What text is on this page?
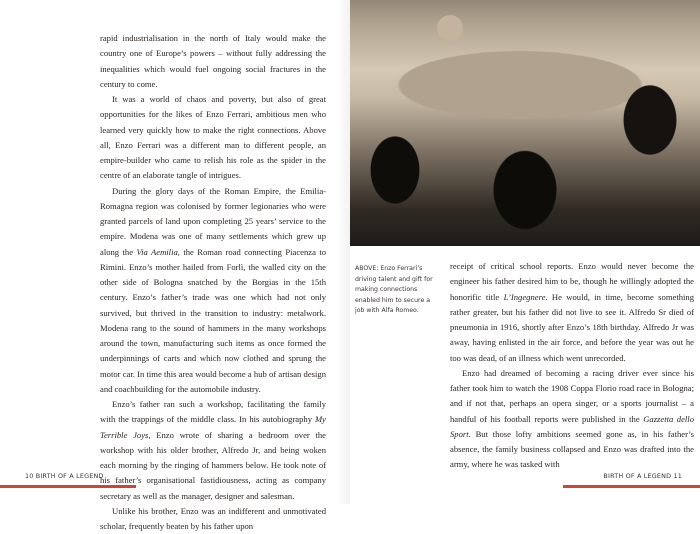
rapid industrialisation in the north of Italy would make the country one of Europe’s powers – without fully addressing the inequalities which would fuel ongoing social fractures in the century to come.

It was a world of chaos and poverty, but also of great opportunities for the likes of Enzo Ferrari, ambitious men who learned very quickly how to make the right connections. Above all, Enzo Ferrari was a different man to different people, an empire-builder who came to relish his role as the spider in the centre of an elaborate tangle of intrigues.

During the glory days of the Roman Empire, the Emilia-Romagna region was colonised by former legionaries who were granted parcels of land upon completing 25 years’ service to the empire. Modena was one of many settlements which grew up along the Via Aemilia, the Roman road connecting Piacenza to Rimini. Enzo’s mother hailed from Forlì, the walled city on the other side of Bologna snatched by the Borgias in the 15th century. Enzo’s father’s trade was one which had not only survived, but thrived in the transition to industry: metalwork. Modena rang to the sound of hammers in the many workshops around the town, manufacturing such items as once formed the underpinnings of carts and which now clothed and sprung the motor car. In time this area would become a hub of artisan design and coachbuilding for the automobile industry.

Enzo’s father ran such a workshop, facilitating the family with the trappings of the middle class. In his autobiography My Terrible Joys, Enzo wrote of sharing a bedroom over the workshop with his older brother, Alfredo Jr, and being woken each morning by the ringing of hammers below. He took note of his father’s organisational fastidiousness, acting as company secretary as well as the manager, designer and salesman.

Unlike his brother, Enzo was an indifferent and unmotivated scholar, frequently beaten by his father upon

10 BIRTH OF A LEGEND
ABOVE: Enzo Ferrari’s driving talent and gift for making connections enabled him to secure a job with Alfa Romeo.

receipt of critical school reports. Enzo would never become the engineer his father desired him to be, though he willingly adopted the honorific title L’Ingegnere. He would, in time, become something rather greater, but his father did not live to see it. Alfredo Sr died of pneumonia in 1916, shortly after Enzo’s 18th birthday. Alfredo Jr was away, having enlisted in the air force, and before the year was out he too was dead, of an illness which went unrecorded.

Enzo had dreamed of becoming a racing driver ever since his father took him to watch the 1908 Coppa Florio road race in Bologna; and if not that, perhaps an opera singer, or a sports journalist – a handful of his football reports were published in the Gazzetta dello Sport. But those lofty ambitions seemed gone as, in his father’s absence, the family business collapsed and Enzo was drafted into the army, where he was tasked with

BIRTH OF A LEGEND 11
